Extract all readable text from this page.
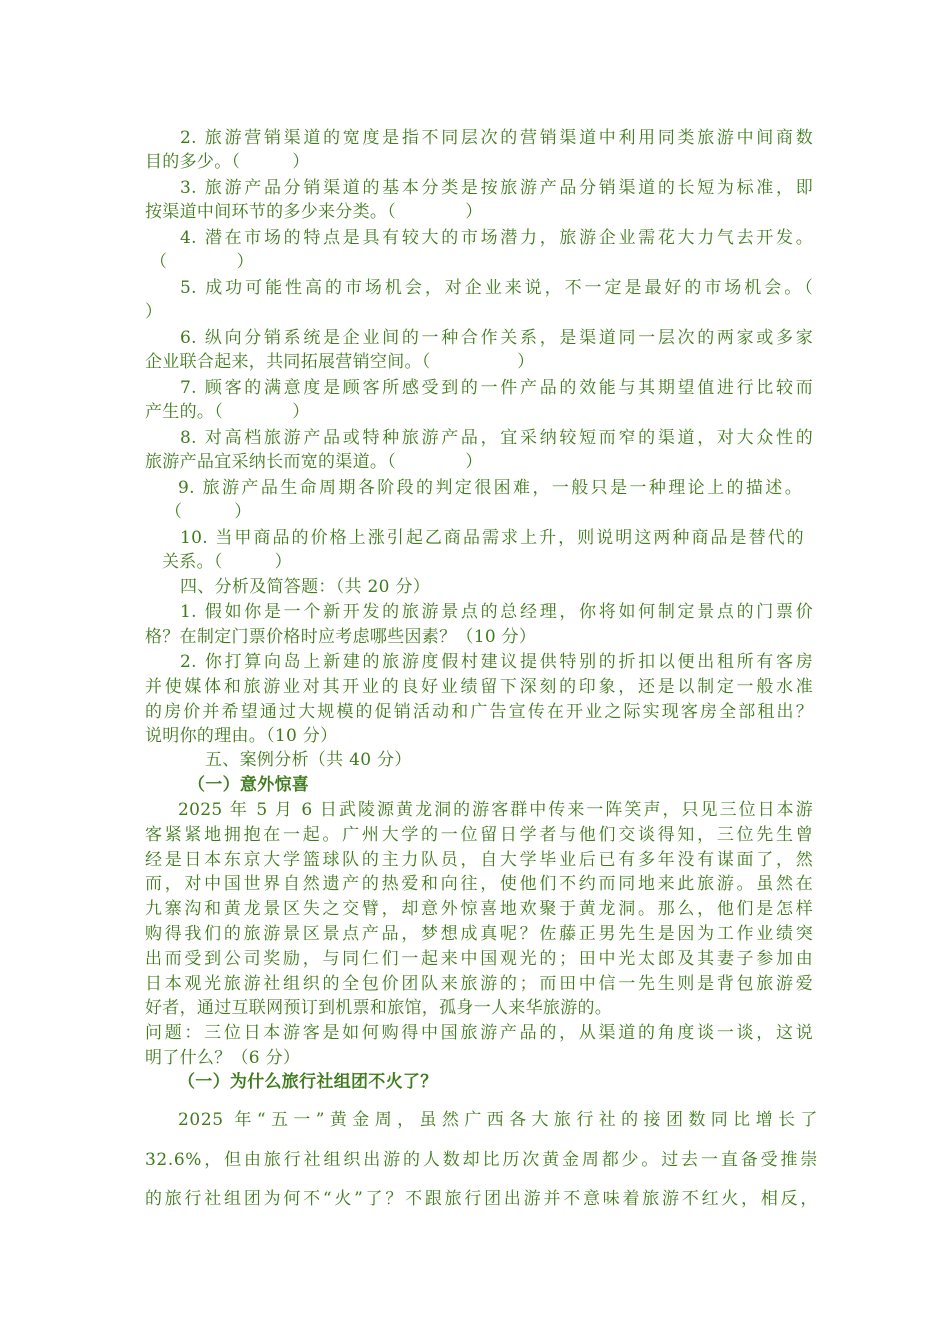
2. 旅游营销渠道的宽度是指不同层次的营销渠道中利用同类旅游中间商数
目的多少。（　　　）
3. 旅游产品分销渠道的基本分类是按旅游产品分销渠道的长短为标准，即
按渠道中间环节的多少来分类。（　　　　）
4. 潜在市场的特点是具有较大的市场潜力，旅游企业需花大力气去开发。
（　　　　）
5. 成功可能性高的市场机会，对企业来说，不一定是最好的市场机会。（
）
6. 纵向分销系统是企业间的一种合作关系，是渠道同一层次的两家或多家
企业联合起来，共同拓展营销空间。（　　　　　）
7. 顾客的满意度是顾客所感受到的一件产品的效能与其期望值进行比较而
产生的。（　　　　）
8. 对高档旅游产品或特种旅游产品，宜采纳较短而窄的渠道，对大众性的
旅游产品宜采纳长而宽的渠道。（　　　　）
9. 旅游产品生命周期各阶段的判定很困难，一般只是一种理论上的描述。
（　　　）
10. 当甲商品的价格上涨引起乙商品需求上升，则说明这两种商品是替代的
关系。（　　　）
四、分析及简答题：（共 20 分）
1. 假如你是一个新开发的旅游景点的总经理，你将如何制定景点的门票价
格？在制定门票价格时应考虑哪些因素？（10 分）
2. 你打算向岛上新建的旅游度假村建议提供特别的折扣以便出租所有客房
并使媒体和旅游业对其开业的良好业绩留下深刻的印象，还是以制定一般水准
的房价并希望通过大规模的促销活动和广告宣传在开业之际实现客房全部租出？
说明你的理由。（10 分）
五、案例分析（共 40 分）
（一）意外惊喜
2025 年 5 月 6 日武陵源黄龙洞的游客群中传来一阵笑声，只见三位日本游
客紧紧地拥抱在一起。广州大学的一位留日学者与他们交谈得知，三位先生曾
经是日本东京大学篮球队的主力队员，自大学毕业后已有多年没有谋面了，然
而，对中国世界自然遗产的热爱和向往，使他们不约而同地来此旅游。虽然在
九寨沟和黄龙景区失之交臂，却意外惊喜地欢聚于黄龙洞。那么，他们是怎样
购得我们的旅游景区景点产品，梦想成真呢？佐藤正男先生是因为工作业绩突
出而受到公司奖励，与同仁们一起来中国观光的；田中光太郎及其妻子参加由
日本观光旅游社组织的全包价团队来旅游的；而田中信一先生则是背包旅游爱
好者，通过互联网预订到机票和旅馆，孤身一人来华旅游的。
问题：三位日本游客是如何购得中国旅游产品的，从渠道的角度谈一谈，这说
明了什么？（6 分）
（一）为什么旅行社组团不火了？
2025 年“五一”黄金周，虽然广西各大旅行社的接团数同比增长了
32.6%，但由旅行社组织出游的人数却比历次黄金周都少。过去一直备受推崇
的旅行社组团为何不“火”了？不跟旅行团出游并不意味着旅游不红火，相反，
